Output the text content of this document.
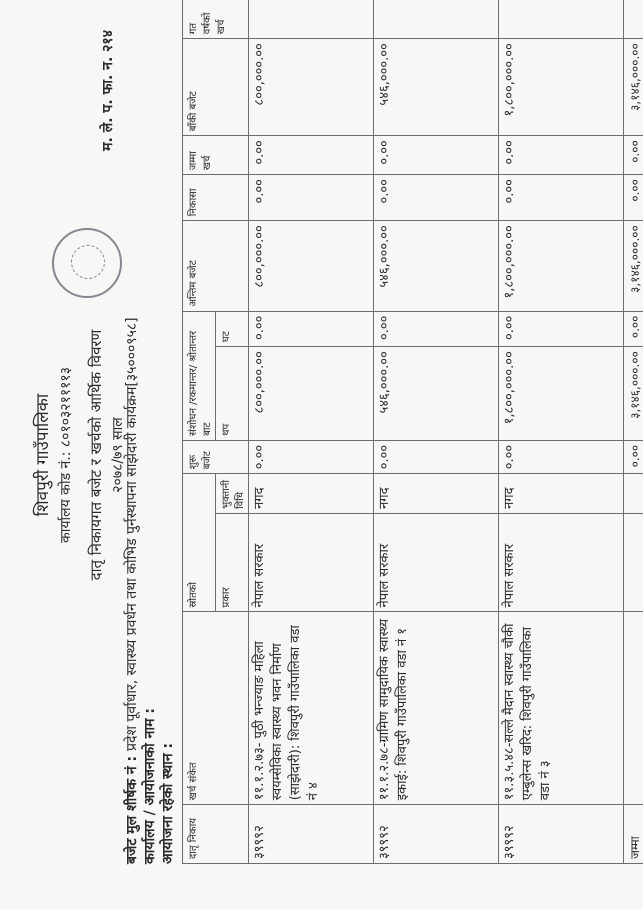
शिवपुरी गाउँपालिका कार्यालय कोड नं.: ८०१०३२११११३ दातृ निकायगत बजेट र खर्चको आर्थिक विवरण २०७८/७९ साल
म. ले. प. फा. न. २१४
बजेट मुल शीर्षक नं : प्रदेश पूर्वाधार, स्वास्थ्य प्रवर्धन तथा कोभिड पुर्नस्थापना साझेदारी कार्यक्रम[३५०००९५८]
कार्यालय / आयोजनाको नाम : आयोजना रहेको स्थान : दातृ निकाय	खर्च संकेत	स्रोतको		शुरू बजेट	संशोधन /रकमान्तर/ श्रोतान्तर बाट		अन्तिम बजेट	निकासा	जम्मा खर्च	बाँकी बजेट	गत वर्षको खर्च
		प्रकार	भुक्तानी विधि		थप	घट					
३९९९२	११.१.२.७३- पुठी भन्ज्याङ महिला स्वयम्सेविका स्वास्थ्य भवन निर्माण (साझेदारी): शिवपुरी गाउँपालिका वडा नं ४	नेपाल सरकार	नगद	०.००	८००,०००.००	०.००	८००,०००.००	०.००	०.००	८००,०००.००	
३९९९२	११.१.२.७८-ग्रामिण सामुदायिक स्वास्थ्य इकाई: शिवपुरी गाउँपालिका वडा नं १	नेपाल सरकार	नगद	०.००	५४६,०००.००	०.००	५४६,०००.००	०.००	०.००	५४६,०००.००	
३९९९२	११.३.५.४८-सल्ले मैदान स्वास्थ्य चौकी एम्बुलेन्स खरिद: शिवपुरी गाउँपालिका वडा नं ३	नेपाल सरकार	नगद	०.००	१,८००,०००.००	०.००	१,८००,०००.००	०.००	०.००	१,८००,०००.००	
जम्मा				०.००	३,१४६,०००.००	०.००	३,१४६,०००.००	०.००	०.००	३,१४६,०००.००	
